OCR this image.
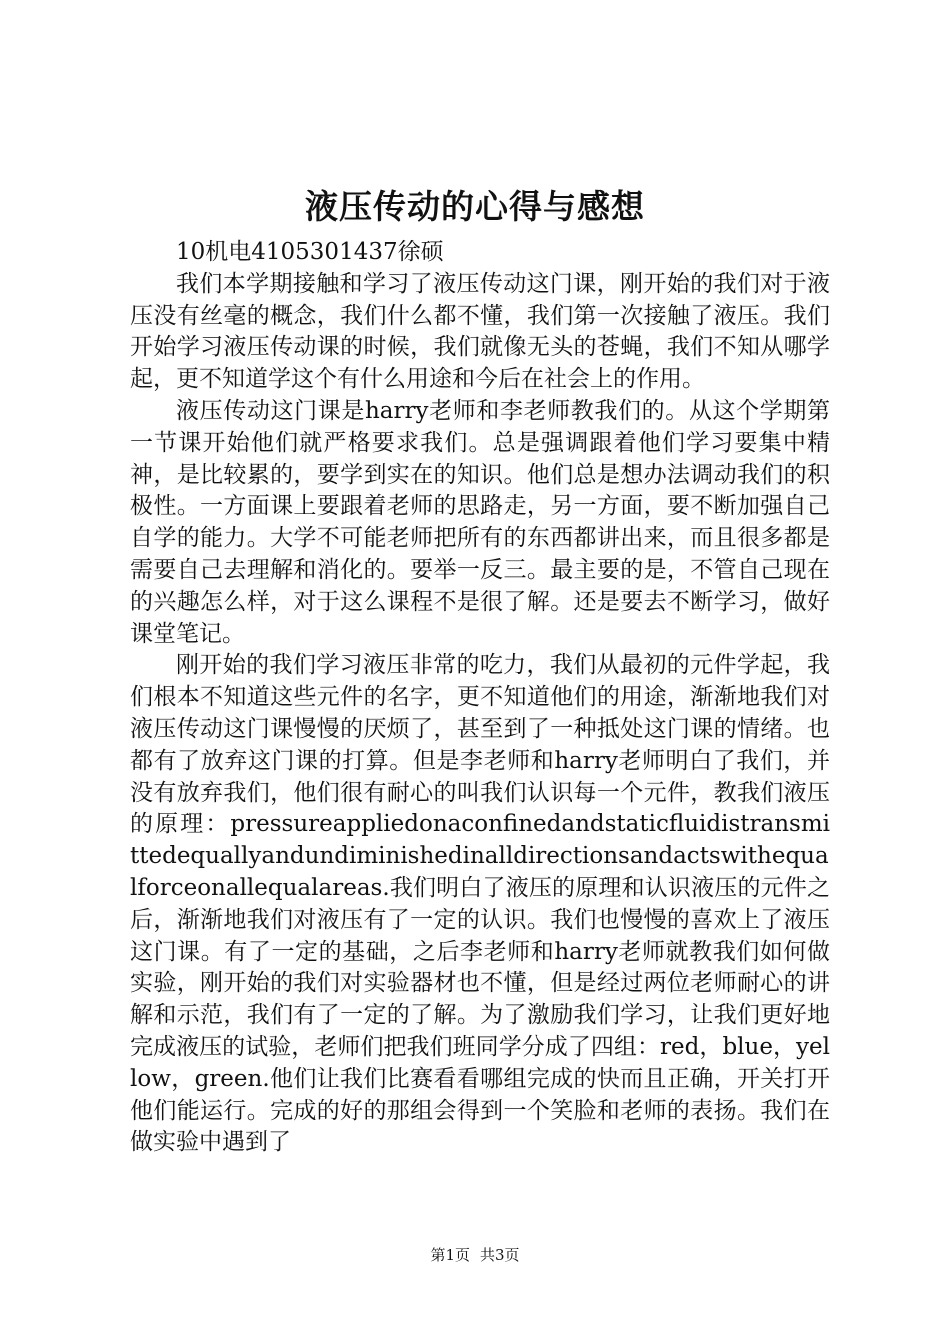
液压传动的心得与感想

10机电4105301437徐硕

我们本学期接触和学习了液压传动这门课，刚开始的我们对于液压没有丝毫的概念，我们什么都不懂，我们第一次接触了液压。我们开始学习液压传动课的时候，我们就像无头的苍蝇，我们不知从哪学起，更不知道学这个有什么用途和今后在社会上的作用。

液压传动这门课是harry老师和李老师教我们的。从这个学期第一节课开始他们就严格要求我们。总是强调跟着他们学习要集中精神，是比较累的，要学到实在的知识。他们总是想办法调动我们的积极性。一方面课上要跟着老师的思路走，另一方面，要不断加强自己自学的能力。大学不可能老师把所有的东西都讲出来，而且很多都是需要自己去理解和消化的。要举一反三。最主要的是，不管自己现在的兴趣怎么样，对于这么课程不是很了解。还是要去不断学习，做好课堂笔记。

刚开始的我们学习液压非常的吃力，我们从最初的元件学起，我们根本不知道这些元件的名字，更不知道他们的用途，渐渐地我们对液压传动这门课慢慢的厌烦了，甚至到了一种抵处这门课的情绪。也都有了放弃这门课的打算。但是李老师和harry老师明白了我们，并没有放弃我们，他们很有耐心的叫我们认识每一个元件，教我们液压的原理：pressureappliedonaconfinedandstaticfluidistransmittedequallyandundiminishedinalldirectionsandactswithequalforceonallequalareas.我们明白了液压的原理和认识液压的元件之后，渐渐地我们对液压有了一定的认识。我们也慢慢的喜欢上了液压这门课。有了一定的基础，之后李老师和harry老师就教我们如何做实验，刚开始的我们对实验器材也不懂，但是经过两位老师耐心的讲解和示范，我们有了一定的了解。为了激励我们学习，让我们更好地完成液压的试验，老师们把我们班同学分成了四组：red，blue，yellow，green.他们让我们比赛看看哪组完成的快而且正确，开关打开他们能运行。完成的好的那组会得到一个笑脸和老师的表扬。我们在做实验中遇到了

第1页 共3页
